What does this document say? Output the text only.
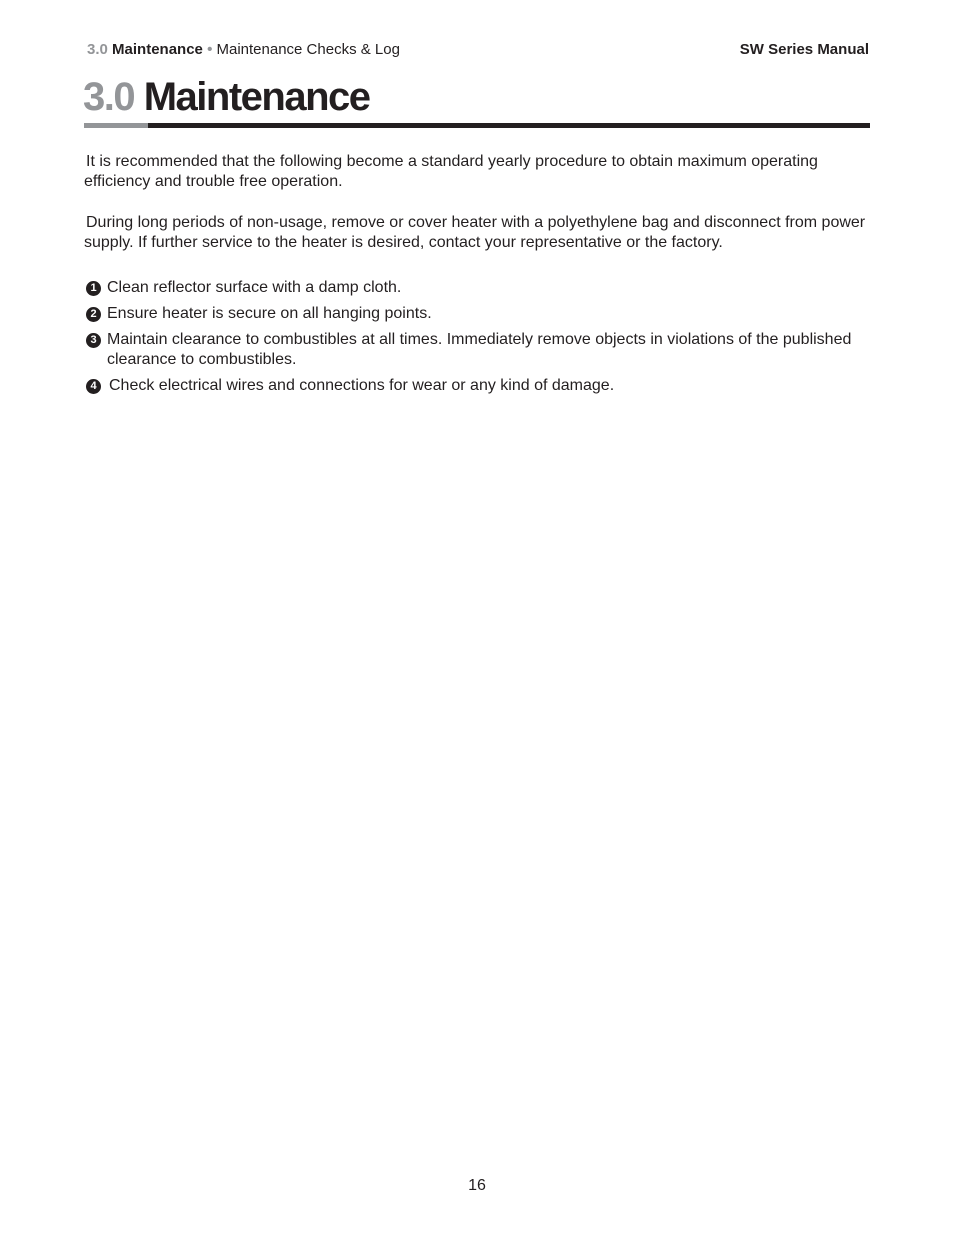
3.0 Maintenance • Maintenance Checks & Log	SW Series Manual
3.0 Maintenance

It is recommended that the following become a standard yearly procedure to obtain maximum operating efficiency and trouble free operation.

During long periods of non-usage, remove or cover heater with a polyethylene bag and disconnect from power supply. If further service to the heater is desired, contact your representative or the factory.

1 Clean reflector surface with a damp cloth.
2 Ensure heater is secure on all hanging points.
3 Maintain clearance to combustibles at all times. Immediately remove objects in violations of the published clearance to combustibles.
4 Check electrical wires and connections for wear or any kind of damage.
16
